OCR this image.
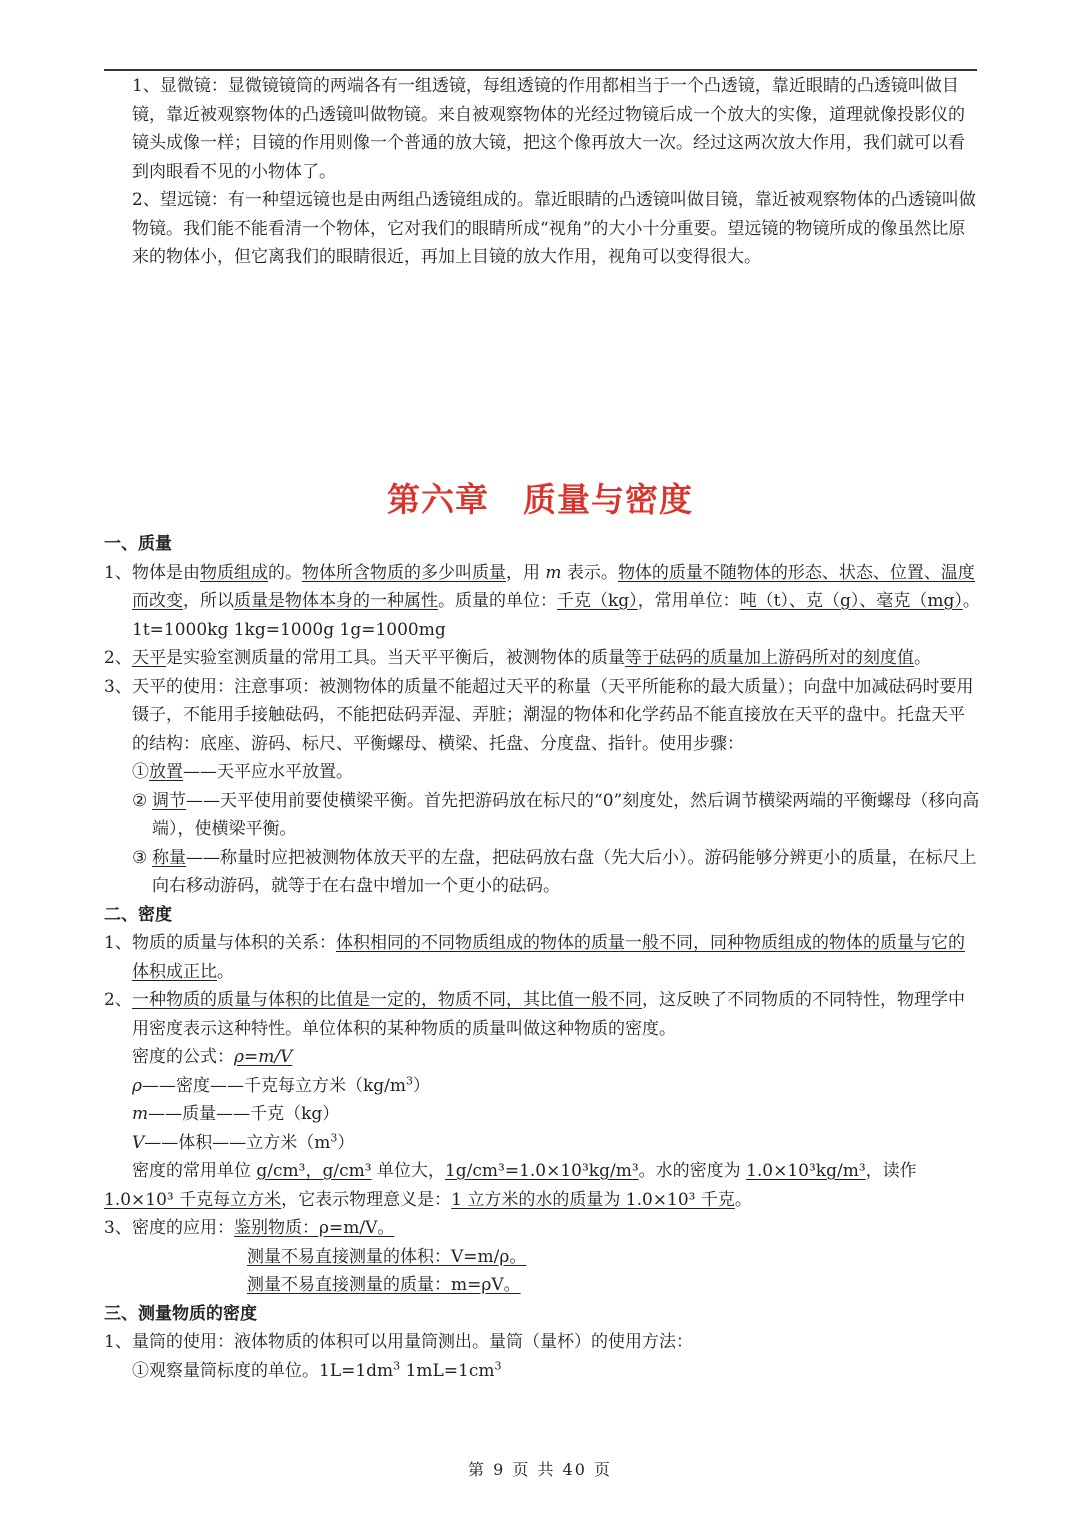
1、显微镜：显微镜镜筒的两端各有一组透镜，每组透镜的作用都相当于一个凸透镜，靠近眼睛的凸透镜叫做目镜，靠近被观察物体的凸透镜叫做物镜。来自被观察物体的光经过物镜后成一个放大的实像，道理就像投影仪的镜头成像一样；目镜的作用则像一个普通的放大镜，把这个像再放大一次。经过这两次放大作用，我们就可以看到肉眼看不见的小物体了。
2、望远镜：有一种望远镜也是由两组凸透镜组成的。靠近眼睛的凸透镜叫做目镜，靠近被观察物体的凸透镜叫做物镜。我们能不能看清一个物体，它对我们的眼睛所成“视角”的大小十分重要。望远镜的物镜所成的像虽然比原来的物体小，但它离我们的眼睛很近，再加上目镜的放大作用，视角可以变得很大。
第六章 质量与密度
一、质量
1、 物体是由物质组成的。物体所含物质的多少叫质量，用 m 表示。物体的质量不随物体的形态、状态、位置、温度而改变，所以质量是物体本身的一种属性。质量的单位：千克（kg），常用单位：吨（t）、克（g）、毫克（mg）。1t=1000kg 1kg=1000g 1g=1000mg
2、 天平是实验室测质量的常用工具。当天平平衡后，被测物体的质量等于砝码的质量加上游码所对的刻度值。
3、 天平的使用：注意事项：被测物体的质量不能超过天平的称量（天平所能称的最大质量）；向盘中加减砝码时要用镊子，不能用手接触砝码，不能把砝码弄湿、弄脏；潮湿的物体和化学药品不能直接放在天平的盘中。托盘天平的结构：底座、游码、标尺、平衡螺母、横梁、托盘、分度盘、指针。使用步骤：
①放置——天平应水平放置。
② 调节——天平使用前要使横梁平衡。首先把游码放在标尺的“0”刻度处，然后调节横梁两端的平衡螺母（移向高端），使横梁平衡。
③ 称量——称量时应把被测物体放天平的左盘，把砝码放右盘（先大后小）。游码能够分辨更小的质量，在标尺上向右移动游码，就等于在右盘中增加一个更小的砝码。
二、密度
1、 物质的质量与体积的关系：体积相同的不同物质组成的物体的质量一般不同，同种物质组成的物体的质量与它的体积成正比。
2、 一种物质的质量与体积的比值是一定的，物质不同，其比值一般不同，这反映了不同物质的不同特性，物理学中用密度表示这种特性。单位体积的某种物质的质量叫做这种物质的密度。
密度的公式：ρ=m/V
ρ——密度——千克每立方米$(kg/m^3)$
m——质量——千克（kg）
V——体积——立方米$(m^3)$
密度的常用单位 g/cm³，g/cm³ 单位大，1g/cm³=1.0×10³kg/m³。水的密度为 1.0×10³kg/m³，读作 1.0×10³ 千克每立方米，它表示物理意义是：1 立方米的水的质量为 1.0×10³ 千克。
3、 密度的应用：鉴别物质：ρ=m/V。
测量不易直接测量的体积：V=m/ρ。
测量不易直接测量的质量：m=ρV。
三、测量物质的密度
1、 量筒的使用：液体物质的体积可以用量筒测出。量筒（量杯）的使用方法：
①观察量筒标度的单位。$1L=1dm^3$ $1mL=1cm^3$
第 9 页 共 40 页
